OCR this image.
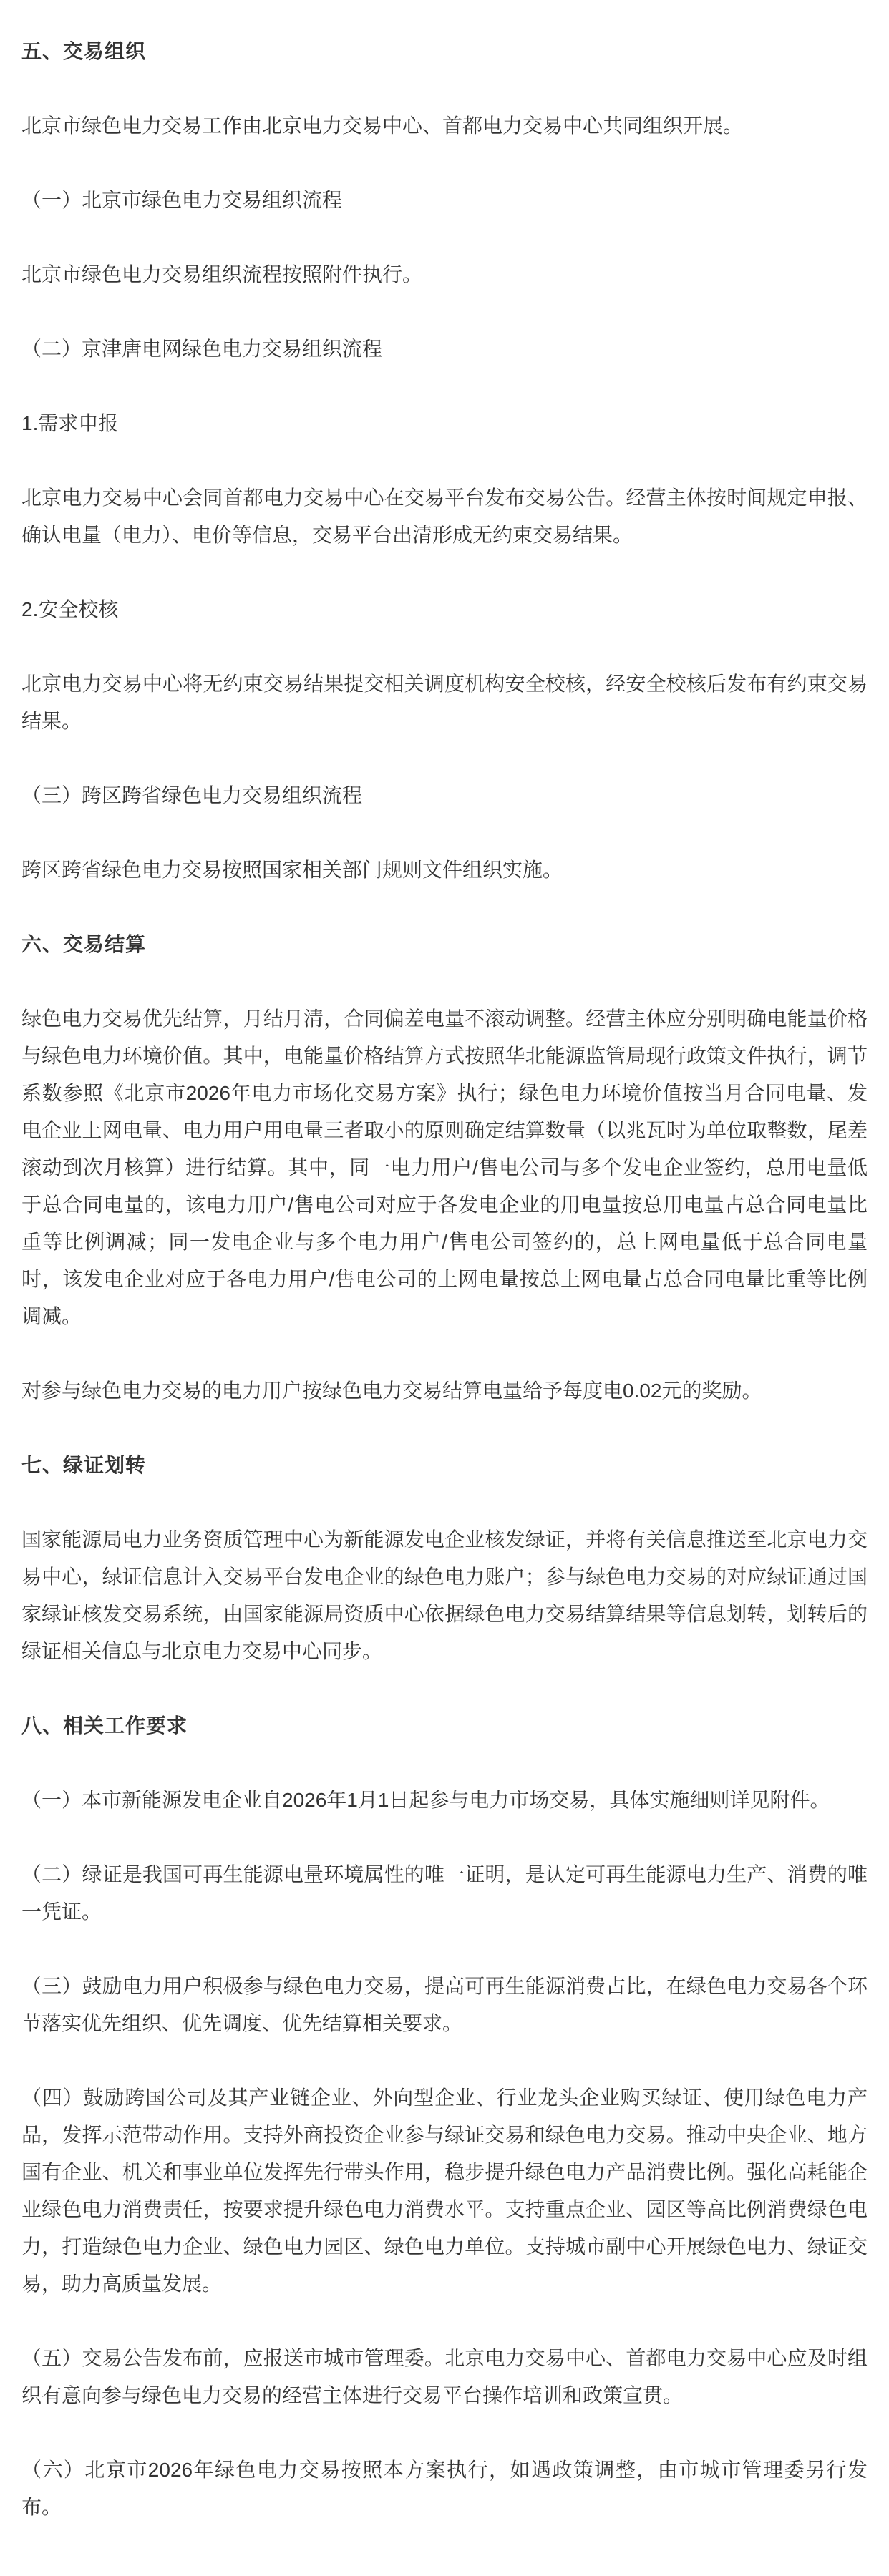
五、交易组织

北京市绿色电力交易工作由北京电力交易中心、首都电力交易中心共同组织开展。

（一）北京市绿色电力交易组织流程

北京市绿色电力交易组织流程按照附件执行。

（二）京津唐电网绿色电力交易组织流程

1.需求申报

北京电力交易中心会同首都电力交易中心在交易平台发布交易公告。经营主体按时间规定申报、确认电量（电力）、电价等信息，交易平台出清形成无约束交易结果。

2.安全校核

北京电力交易中心将无约束交易结果提交相关调度机构安全校核，经安全校核后发布有约束交易结果。

（三）跨区跨省绿色电力交易组织流程

跨区跨省绿色电力交易按照国家相关部门规则文件组织实施。

六、交易结算

绿色电力交易优先结算，月结月清，合同偏差电量不滚动调整。经营主体应分别明确电能量价格与绿色电力环境价值。其中，电能量价格结算方式按照华北能源监管局现行政策文件执行，调节系数参照《北京市2026年电力市场化交易方案》执行；绿色电力环境价值按当月合同电量、发电企业上网电量、电力用户用电量三者取小的原则确定结算数量（以兆瓦时为单位取整数，尾差滚动到次月核算）进行结算。其中，同一电力用户/售电公司与多个发电企业签约，总用电量低于总合同电量的，该电力用户/售电公司对应于各发电企业的用电量按总用电量占总合同电量比重等比例调减；同一发电企业与多个电力用户/售电公司签约的，总上网电量低于总合同电量时，该发电企业对应于各电力用户/售电公司的上网电量按总上网电量占总合同电量比重等比例调减。

对参与绿色电力交易的电力用户按绿色电力交易结算电量给予每度电0.02元的奖励。

七、绿证划转

国家能源局电力业务资质管理中心为新能源发电企业核发绿证，并将有关信息推送至北京电力交易中心，绿证信息计入交易平台发电企业的绿色电力账户；参与绿色电力交易的对应绿证通过国家绿证核发交易系统，由国家能源局资质中心依据绿色电力交易结算结果等信息划转，划转后的绿证相关信息与北京电力交易中心同步。

八、相关工作要求

（一）本市新能源发电企业自2026年1月1日起参与电力市场交易，具体实施细则详见附件。

（二）绿证是我国可再生能源电量环境属性的唯一证明，是认定可再生能源电力生产、消费的唯一凭证。

（三）鼓励电力用户积极参与绿色电力交易，提高可再生能源消费占比，在绿色电力交易各个环节落实优先组织、优先调度、优先结算相关要求。

（四）鼓励跨国公司及其产业链企业、外向型企业、行业龙头企业购买绿证、使用绿色电力产品，发挥示范带动作用。支持外商投资企业参与绿证交易和绿色电力交易。推动中央企业、地方国有企业、机关和事业单位发挥先行带头作用，稳步提升绿色电力产品消费比例。强化高耗能企业绿色电力消费责任，按要求提升绿色电力消费水平。支持重点企业、园区等高比例消费绿色电力，打造绿色电力企业、绿色电力园区、绿色电力单位。支持城市副中心开展绿色电力、绿证交易，助力高质量发展。

（五）交易公告发布前，应报送市城市管理委。北京电力交易中心、首都电力交易中心应及时组织有意向参与绿色电力交易的经营主体进行交易平台操作培训和政策宣贯。

（六）北京市2026年绿色电力交易按照本方案执行，如遇政策调整，由市城市管理委另行发布。
